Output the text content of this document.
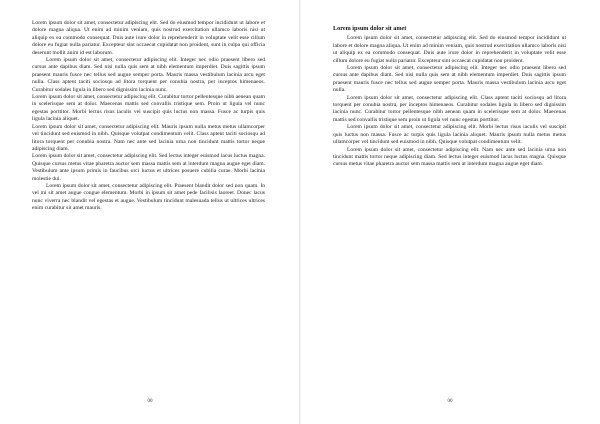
Lorem ipsum dolor sit amet, consectetur adipiscing elit. Sed do eiusmod tempor incididunt ut labore et dolore magna aliqua. Ut enim ad minim veniam, quis nostrud exercitation ullamco laboris nisi ut aliquip ex ea commodo consequat. Duis aute irure dolor in reprehenderit in voluptate velit esse cillum dolore eu fugiat nulla pariatur. Excepteur sint occaecat cupidatat non proident, sunt in culpa qui officia deserunt mollit anim id est laborum.

Lorem ipsum dolor sit amet, consectetur adipiscing elit. Integer nec odio praesent libero sed cursus ante dapibus diam. Sed nisi nulla quis sem at nibh elementum imperdiet. Duis sagittis ipsum praesent mauris fusce nec tellus sed augue semper porta. Mauris massa vestibulum lacinia arcu eget nulla. Class aptent taciti sociosqu ad litora torquent per conubia nostra, per inceptos himenaeos. Curabitur sodales ligula in libero sed dignissim lacinia nunc.

Lorem ipsum dolor sit amet, consectetur adipiscing elit. Curabitur tortor pellentesque nibh aenean quam in scelerisque sem at dolor. Maecenas mattis sed convallis tristique sem. Proin ut ligula vel nunc egestas porttitor. Morbi lectus risus iaculis vel suscipit quis luctus non massa. Fusce ac turpis quis ligula lacinia aliquet.

Lorem ipsum dolor sit amet, consectetur adipiscing elit. Mauris ipsum nulla metus metus ullamcorper vel tincidunt sed euismod in nibh. Quisque volutpat condimentum velit. Class aptent taciti sociosqu ad litora torquent per conubia nostra. Nam nec ante sed lacinia urna non tincidunt mattis tortor neque adipiscing diam.

Lorem ipsum dolor sit amet, consectetur adipiscing elit. Sed lectus integer euismod lacus luctus magna. Quisque cursus metus vitae pharetra auctor sem massa mattis sem at interdum magna augue eget diam. Vestibulum ante ipsum primis in faucibus orci luctus et ultrices posuere cubilia curae. Morbi lacinia molestie dui.

Lorem ipsum dolor sit amet, consectetur adipiscing elit. Praesent blandit dolor sed non quam. In vel mi sit amet augue congue elementum. Morbi in ipsum sit amet pede facilisis laoreet. Donec lacus nunc viverra nec blandit vel egestas et augue. Vestibulum tincidunt malesuada tellus ut ultrices ultrices enim curabitur sit amet mauris.

00
Lorem ipsum dolor sit amet

Lorem ipsum dolor sit amet, consectetur adipiscing elit. Sed do eiusmod tempor incididunt ut labore et dolore magna aliqua. Ut enim ad minim veniam, quis nostrud exercitation ullamco laboris nisi ut aliquip ex ea commodo consequat. Duis aute irure dolor in reprehenderit in voluptate velit esse cillum dolore eu fugiat nulla pariatur. Excepteur sint occaecat cupidatat non proident.

Lorem ipsum dolor sit amet, consectetur adipiscing elit. Integer nec odio praesent libero sed cursus ante dapibus diam. Sed nisi nulla quis sem at nibh elementum imperdiet. Duis sagittis ipsum praesent mauris fusce nec tellus sed augue semper porta. Mauris massa vestibulum lacinia arcu eget nulla.

Lorem ipsum dolor sit amet, consectetur adipiscing elit. Class aptent taciti sociosqu ad litora torquent per conubia nostra, per inceptos himenaeos. Curabitur sodales ligula in libero sed dignissim lacinia nunc. Curabitur tortor pellentesque nibh aenean quam in scelerisque sem at dolor. Maecenas mattis sed convallis tristique sem proin ut ligula vel nunc egestas porttitor.

Lorem ipsum dolor sit amet, consectetur adipiscing elit. Morbi lectus risus iaculis vel suscipit quis luctus non massa. Fusce ac turpis quis ligula lacinia aliquet. Mauris ipsum nulla metus metus ullamcorper vel tincidunt sed euismod in nibh. Quisque volutpat condimentum velit.

Lorem ipsum dolor sit amet, consectetur adipiscing elit. Nam nec ante sed lacinia urna non tincidunt mattis tortor neque adipiscing diam. Sed lectus integer euismod lacus luctus magna. Quisque cursus metus vitae pharetra auctor sem massa mattis sem at interdum magna augue eget diam.

00
